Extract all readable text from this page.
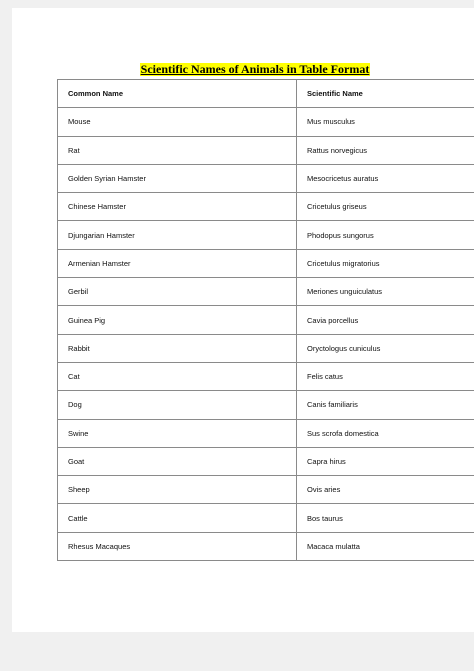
Scientific Names of Animals in Table Format
Common Name	Scientific Name
Mouse	Mus musculus
Rat	Rattus norvegicus
Golden Syrian Hamster	Mesocricetus auratus
Chinese Hamster	Cricetulus griseus
Djungarian Hamster	Phodopus sungorus
Armenian Hamster	Cricetulus migratorius
Gerbil	Meriones unguiculatus
Guinea Pig	Cavia porcellus
Rabbit	Oryctologus cuniculus
Cat	Felis catus
Dog	Canis familiaris
Swine	Sus scrofa domestica
Goat	Capra hirus
Sheep	Ovis aries
Cattle	Bos taurus
Rhesus Macaques	Macaca mulatta
